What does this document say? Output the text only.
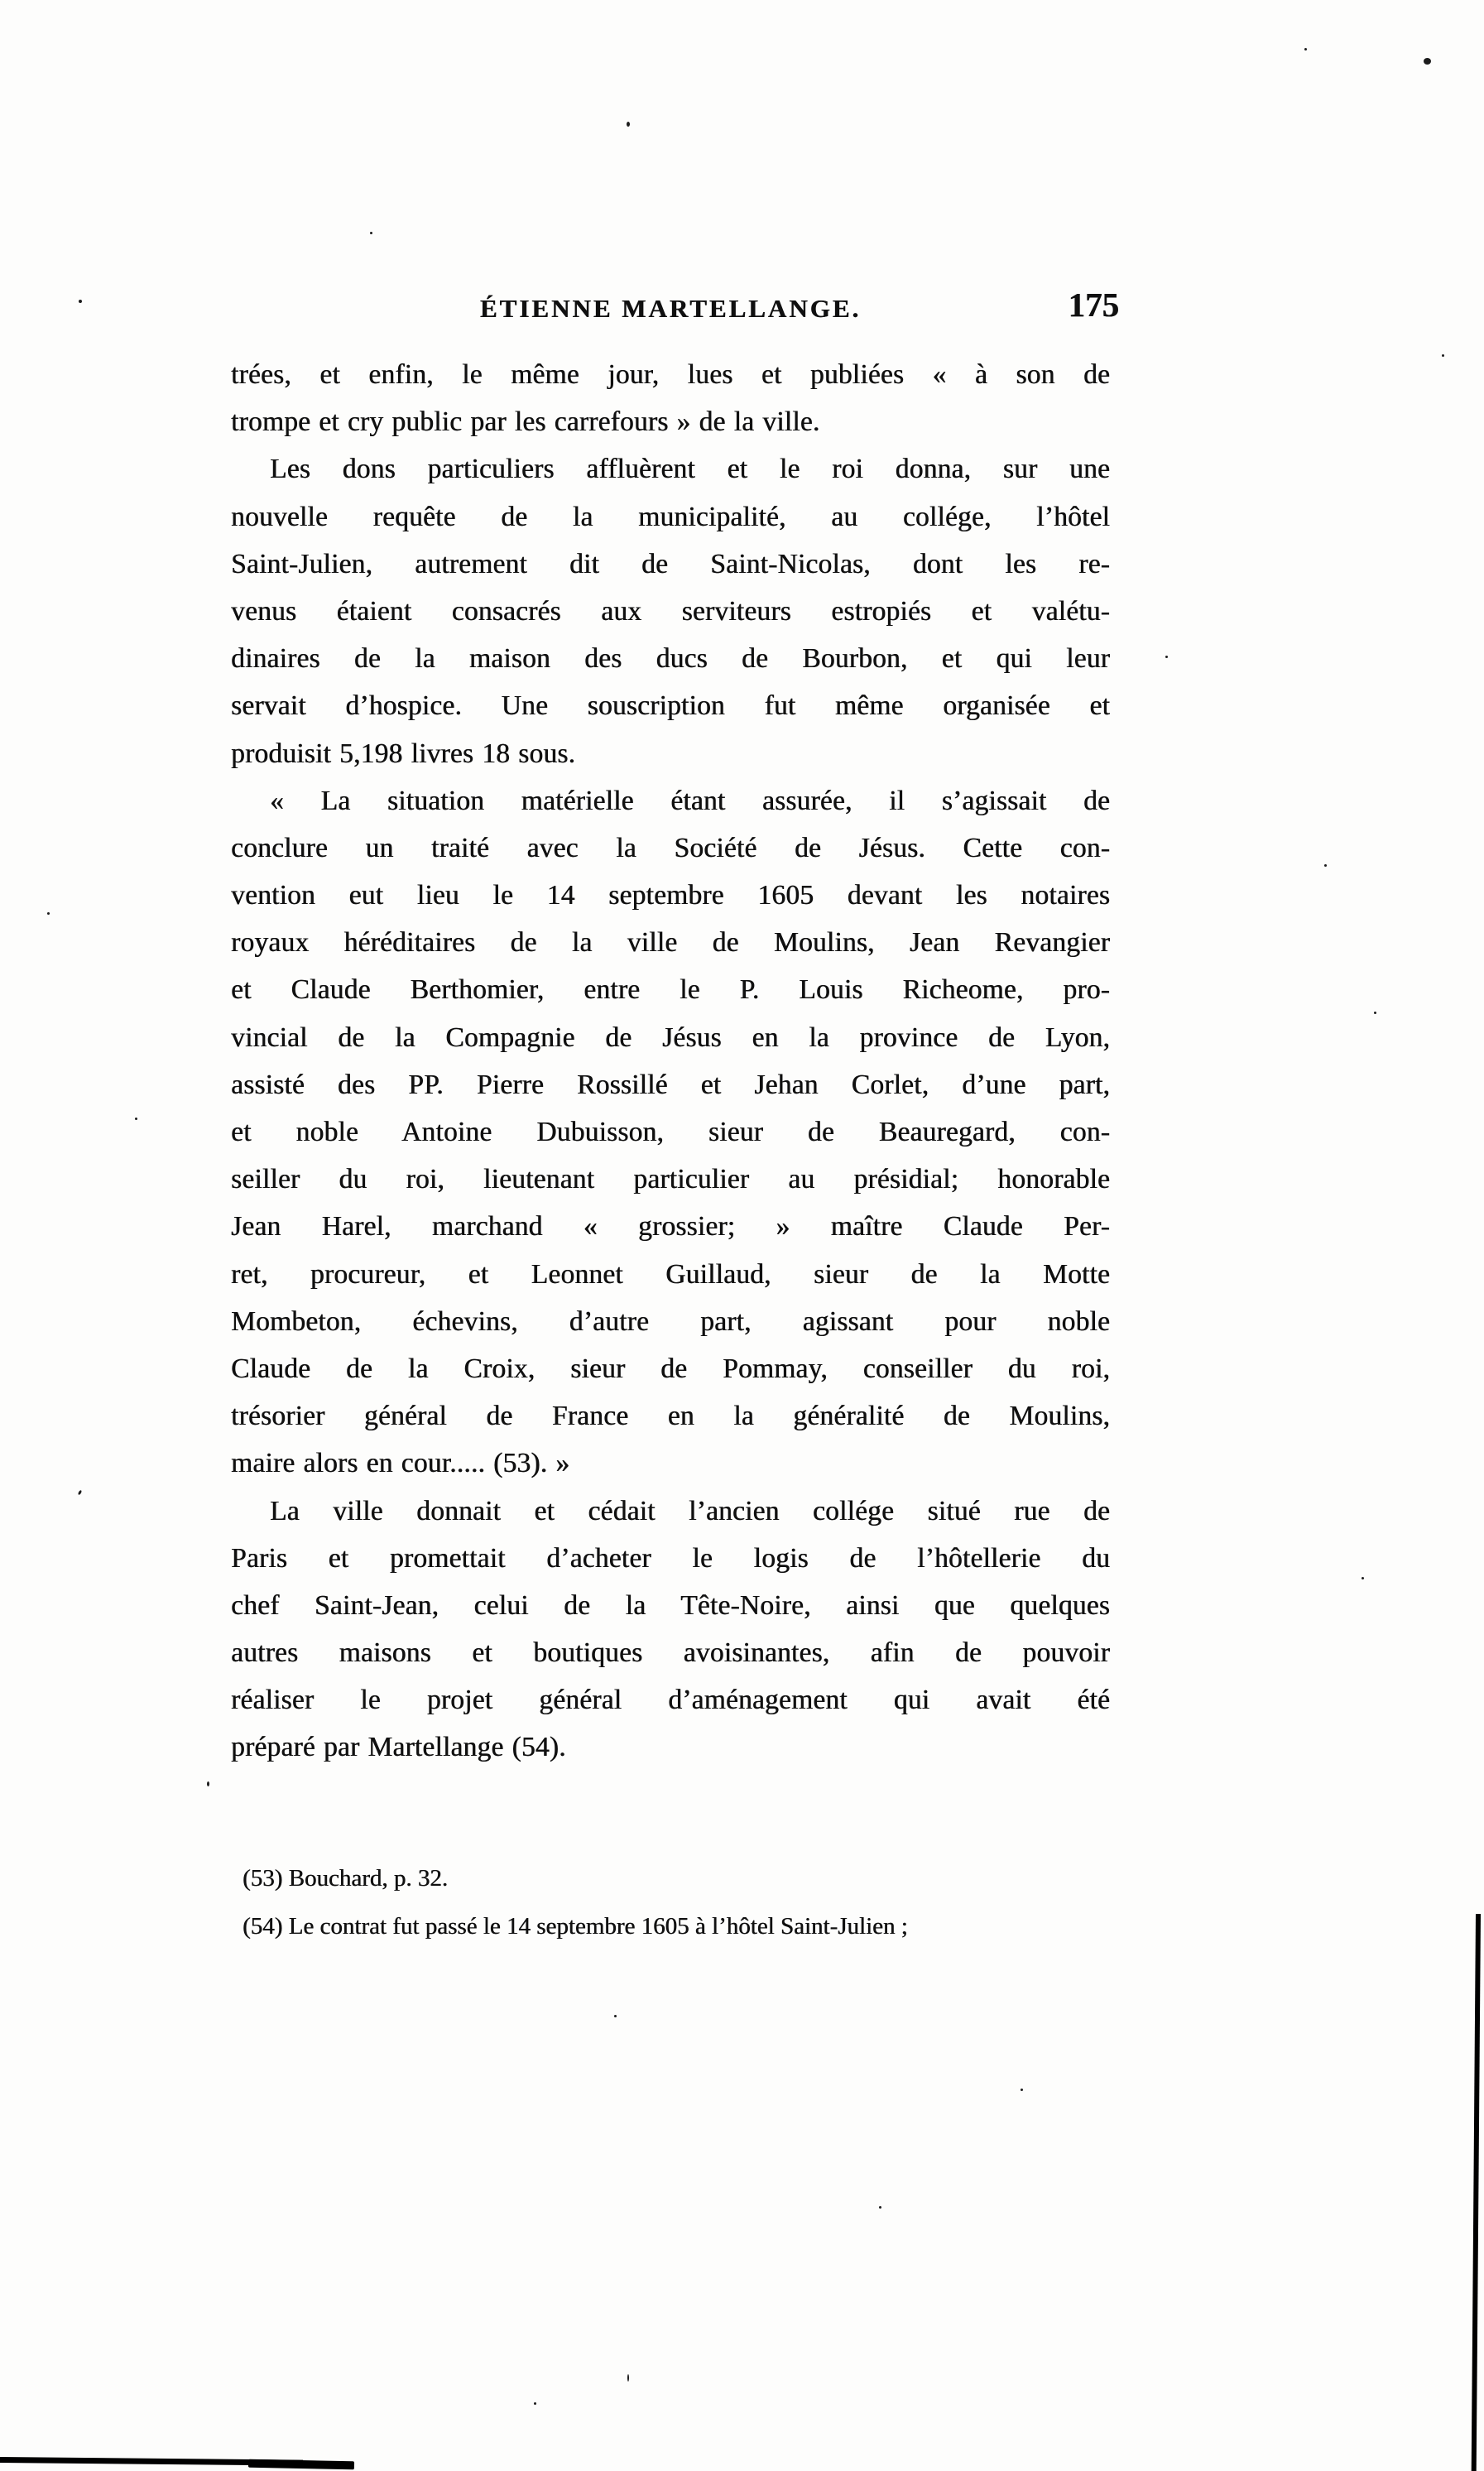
ÉTIENNE MARTELLANGE.	175
trées, et enfin, le même jour, lues et publiées « à son de
trompe et cry public par les carrefours » de la ville.
Les dons particuliers affluèrent et le roi donna, sur une
nouvelle requête de la municipalité, au collége, l’hôtel
Saint-Julien, autrement dit de Saint-Nicolas, dont les re-
venus étaient consacrés aux serviteurs estropiés et valétu-
dinaires de la maison des ducs de Bourbon, et qui leur
servait d’hospice. Une souscription fut même organisée et
produisit 5,198 livres 18 sous.
« La situation matérielle étant assurée, il s’agissait de
conclure un traité avec la Société de Jésus. Cette con-
vention eut lieu le 14 septembre 1605 devant les notaires
royaux héréditaires de la ville de Moulins, Jean Revangier
et Claude Berthomier, entre le P. Louis Richeome, pro-
vincial de la Compagnie de Jésus en la province de Lyon,
assisté des PP. Pierre Rossillé et Jehan Corlet, d’une part,
et noble Antoine Dubuisson, sieur de Beauregard, con-
seiller du roi, lieutenant particulier au présidial; honorable
Jean Harel, marchand « grossier; » maître Claude Per-
ret, procureur, et Leonnet Guillaud, sieur de la Motte
Mombeton, échevins, d’autre part, agissant pour noble
Claude de la Croix, sieur de Pommay, conseiller du roi,
trésorier général de France en la généralité de Moulins,
maire alors en cour..... (53). »
La ville donnait et cédait l’ancien collége situé rue de
Paris et promettait d’acheter le logis de l’hôtellerie du
chef Saint-Jean, celui de la Tête-Noire, ainsi que quelques
autres maisons et boutiques avoisinantes, afin de pouvoir
réaliser le projet général d’aménagement qui avait été
préparé par Martellange (54).
(53) Bouchard, p. 32.
(54) Le contrat fut passé le 14 septembre 1605 à l’hôtel Saint-Julien ;
